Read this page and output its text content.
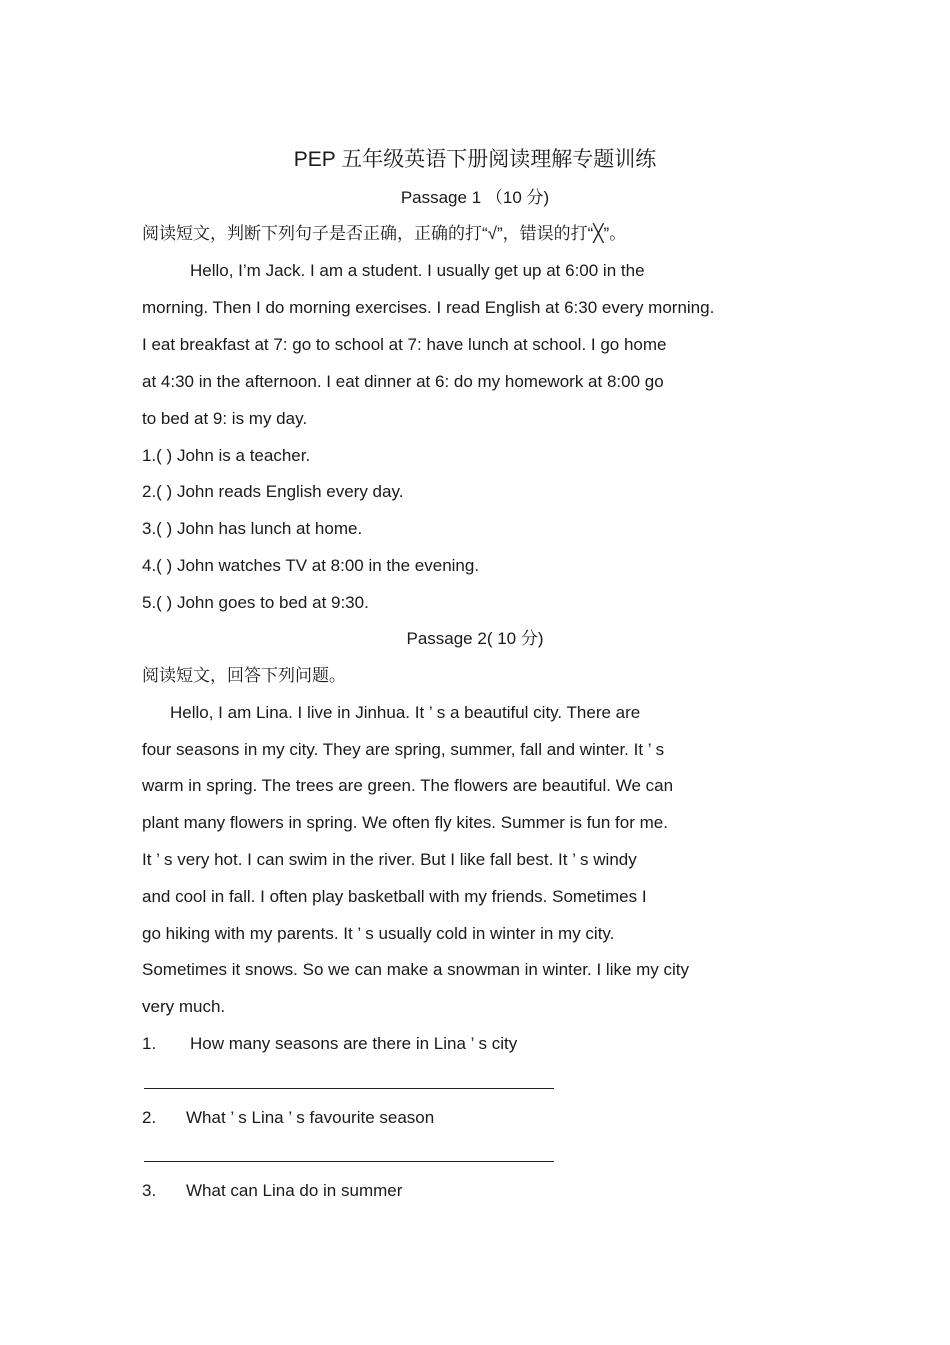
PEP 五年级英语下册阅读理解专题训练
Passage 1 （10 分)
阅读短文，判断下列句子是否正确，正确的打“√”，错误的打“╳”。
Hello, I’m Jack. I am a student. I usually get up at 6:00 in the
morning. Then I do morning exercises. I read English at 6:30 every morning.
I eat breakfast at 7: go to school at 7: have lunch at school. I go home
at 4:30 in the afternoon. I eat dinner at 6: do my homework at 8:00 go
to bed at 9: is my day.
1.( ) John is a teacher.
2.( ) John reads English every day.
3.( ) John has lunch at home.
4.( ) John watches TV at 8:00 in the evening.
5.( ) John goes to bed at 9:30.
Passage 2( 10 分)
阅读短文，回答下列问题。
Hello, I am Lina. I live in Jinhua. It ’ s a beautiful city. There are
four seasons in my city. They are spring, summer, fall and winter. It ’ s
warm in spring. The trees are green. The flowers are beautiful. We can
plant many flowers in spring. We often fly kites. Summer is fun for me.
It ’ s very hot. I can swim in the river. But I like fall best. It ’ s windy
and cool in fall. I often play basketball with my friends. Sometimes I
go hiking with my parents. It ’ s usually cold in winter in my city.
Sometimes it snows. So we can make a snowman in winter. I like my city
very much.
1. How many seasons are there in Lina ’ s city
2. What ’ s Lina ’ s favourite season
3. What can Lina do in summer
